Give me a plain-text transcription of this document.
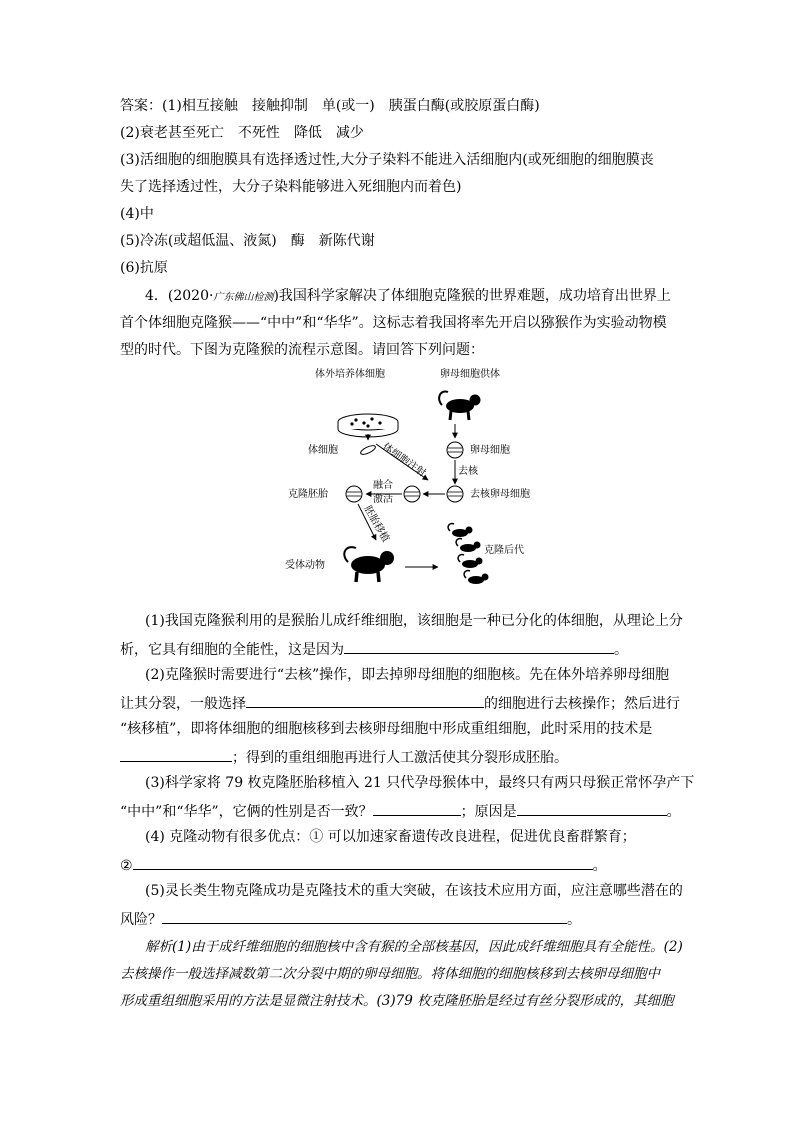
答案：(1)相互接触　接触抑制　单(或一)　胰蛋白酶(或胶原蛋白酶)
(2)衰老甚至死亡　不死性　降低　减少
(3)活细胞的细胞膜具有选择透过性,大分子染料不能进入活细胞内(或死细胞的细胞膜丧
失了选择透过性，大分子染料能够进入死细胞内而着色)
(4)中
(5)冷冻(或超低温、液氮)　酶　新陈代谢
(6)抗原
4．(2020·广东佛山检测)我国科学家解决了体细胞克隆猴的世界难题，成功培育出世界上
首个体细胞克隆猴——“中中”和“华华”。这标志着我国将率先开启以猕猴作为实验动物模
型的时代。下图为克隆猴的流程示意图。请回答下列问题：
体外培养体细胞	卵母细胞供体
体细胞	卵母细胞
体细胞注射	去核
去核卵母细胞
融合
激活
克隆胚胎
胚胎移植
受体动物
克隆后代
(1)我国克隆猴利用的是猴胎儿成纤维细胞，该细胞是一种已分化的体细胞，从理论上分
析，它具有细胞的全能性，这是因为	。
(2)克隆猴时需要进行“去核”操作，即去掉卵母细胞的细胞核。先在体外培养卵母细胞
让其分裂，一般选择	的细胞进行去核操作；然后进行
“核移植”，即将体细胞的细胞核移到去核卵母细胞中形成重组细胞，此时采用的技术是
；得到的重组细胞再进行人工激活使其分裂形成胚胎。
(3)科学家将 79 枚克隆胚胎移植入 21 只代孕母猴体中，最终只有两只母猴正常怀孕产下
“中中”和“华华”，它俩的性别是否一致？	；原因是	。
(4) 克隆动物有很多优点：① 可以加速家畜遗传改良进程，促进优良畜群繁育；
②	。
(5)灵长类生物克隆成功是克隆技术的重大突破，在该技术应用方面，应注意哪些潜在的
风险？	。
解析(1)由于成纤维细胞的细胞核中含有猴的全部核基因，因此成纤维细胞具有全能性。(2)
去核操作一般选择减数第二次分裂中期的卵母细胞。将体细胞的细胞核移到去核卵母细胞中
形成重组细胞采用的方法是显微注射技术。(3)79 枚克隆胚胎是经过有丝分裂形成的，其细胞
